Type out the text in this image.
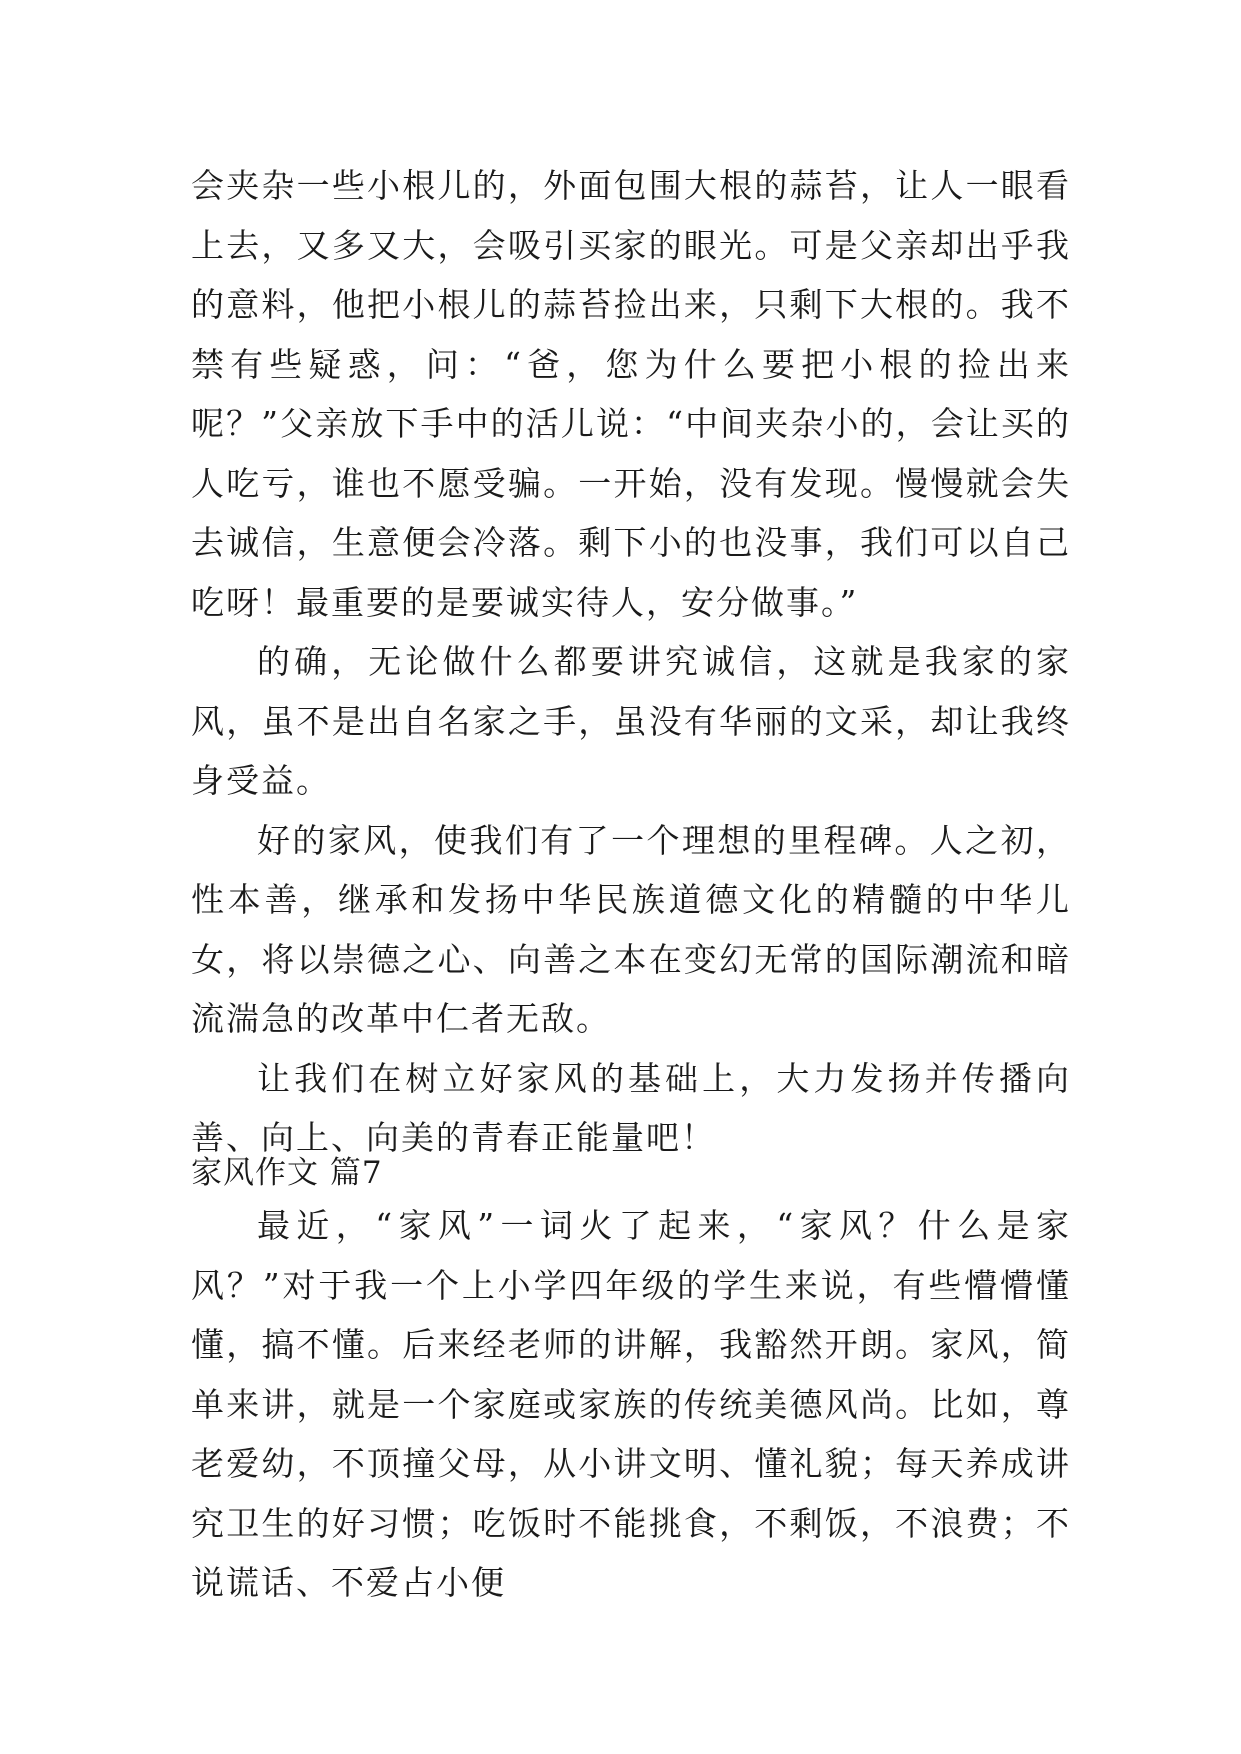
会夹杂一些小根儿的，外面包围大根的蒜苔，让人一眼看上去，又多又大，会吸引买家的眼光。可是父亲却出乎我的意料，他把小根儿的蒜苔捡出来，只剩下大根的。我不禁有些疑惑，问：“爸，您为什么要把小根的捡出来呢？”父亲放下手中的活儿说：“中间夹杂小的，会让买的人吃亏，谁也不愿受骗。一开始，没有发现。慢慢就会失去诚信，生意便会冷落。剩下小的也没事，我们可以自己吃呀！最重要的是要诚实待人，安分做事。”

的确，无论做什么都要讲究诚信，这就是我家的家风，虽不是出自名家之手，虽没有华丽的文采，却让我终身受益。

好的家风，使我们有了一个理想的里程碑。人之初，性本善，继承和发扬中华民族道德文化的精髓的中华儿女，将以崇德之心、向善之本在变幻无常的国际潮流和暗流湍急的改革中仁者无敌。

让我们在树立好家风的基础上，大力发扬并传播向善、向上、向美的青春正能量吧！

家风作文 篇7

最近，“家风”一词火了起来，“家风？什么是家风？”对于我一个上小学四年级的学生来说，有些懵懵懂懂，搞不懂。后来经老师的讲解，我豁然开朗。家风，简单来讲，就是一个家庭或家族的传统美德风尚。比如，尊老爱幼，不顶撞父母，从小讲文明、懂礼貌；每天养成讲究卫生的好习惯；吃饭时不能挑食，不剩饭，不浪费；不说谎话、不爱占小便
